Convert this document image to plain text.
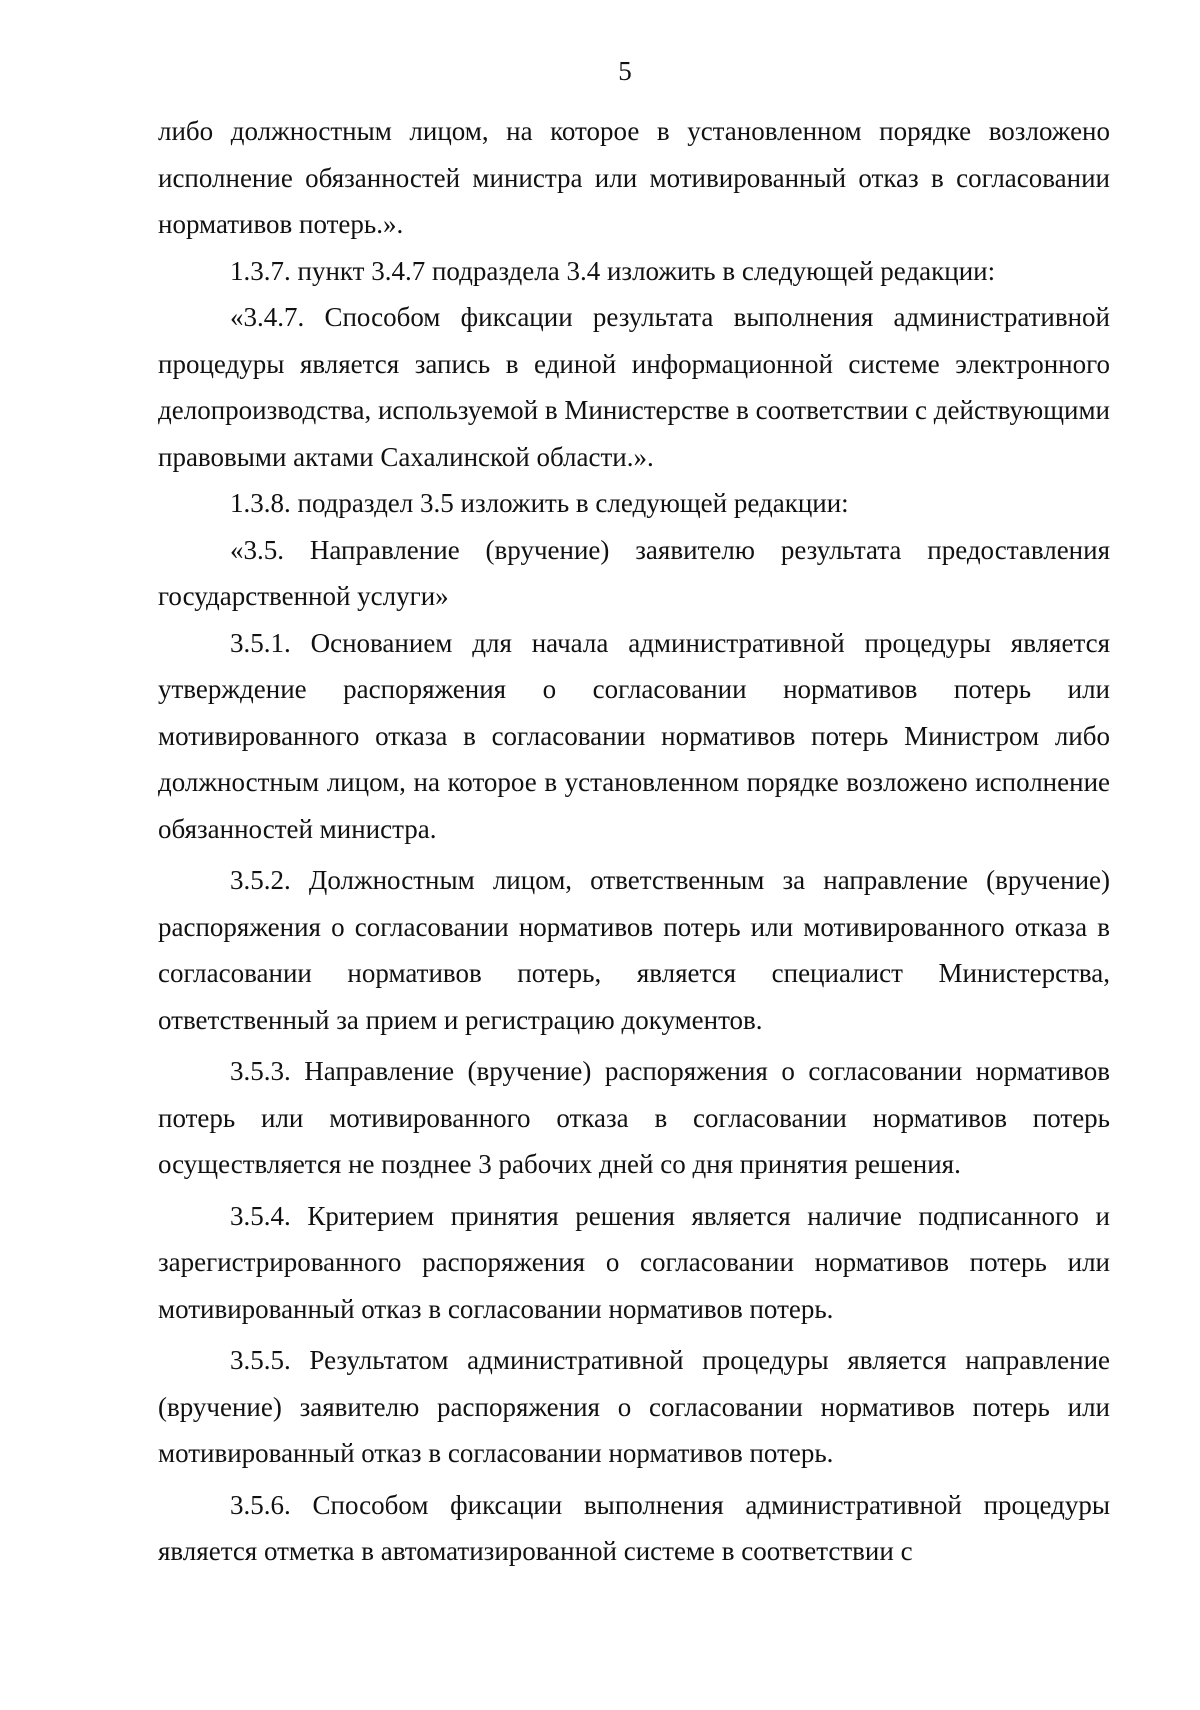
5

либо должностным лицом, на которое в установленном порядке возложено исполнение обязанностей министра или мотивированный отказ в согласовании нормативов потерь.».

1.3.7. пункт 3.4.7 подраздела 3.4 изложить в следующей редакции:

«3.4.7. Способом фиксации результата выполнения административной процедуры является запись в единой информационной системе электронного делопроизводства, используемой в Министерстве в соответствии с действующими правовыми актами Сахалинской области.».

1.3.8. подраздел 3.5 изложить в следующей редакции:

«3.5. Направление (вручение) заявителю результата предоставления государственной услуги»

3.5.1. Основанием для начала административной процедуры является утверждение распоряжения о согласовании нормативов потерь или мотивированного отказа в согласовании нормативов потерь Министром либо должностным лицом, на которое в установленном порядке возложено исполнение обязанностей министра.

3.5.2. Должностным лицом, ответственным за направление (вручение) распоряжения о согласовании нормативов потерь или мотивированного отказа в согласовании нормативов потерь, является специалист Министерства, ответственный за прием и регистрацию документов.

3.5.3. Направление (вручение) распоряжения о согласовании нормативов потерь или мотивированного отказа в согласовании нормативов потерь осуществляется не позднее 3 рабочих дней со дня принятия решения.

3.5.4. Критерием принятия решения является наличие подписанного и зарегистрированного распоряжения о согласовании нормативов потерь или мотивированный отказ в согласовании нормативов потерь.

3.5.5. Результатом административной процедуры является направление (вручение) заявителю распоряжения о согласовании нормативов потерь или мотивированный отказ в согласовании нормативов потерь.

3.5.6. Способом фиксации выполнения административной процедуры является отметка в автоматизированной системе в соответствии с
